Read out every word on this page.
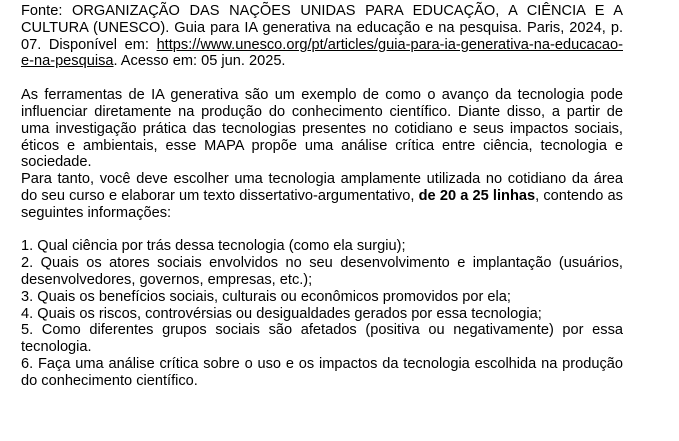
Fonte: ORGANIZAÇÃO DAS NAÇÕES UNIDAS PARA EDUCAÇÃO, A CIÊNCIA E A CULTURA (UNESCO). Guia para IA generativa na educação e na pesquisa. Paris, 2024, p. 07. Disponível em: https://www.unesco.org/pt/articles/guia-para-ia-generativa-na-educacao-e-na-pesquisa. Acesso em: 05 jun. 2025.

As ferramentas de IA generativa são um exemplo de como o avanço da tecnologia pode influenciar diretamente na produção do conhecimento científico. Diante disso, a partir de uma investigação prática das tecnologias presentes no cotidiano e seus impactos sociais, éticos e ambientais, esse MAPA propõe uma análise crítica entre ciência, tecnologia e sociedade.

Para tanto, você deve escolher uma tecnologia amplamente utilizada no cotidiano da área do seu curso e elaborar um texto dissertativo-argumentativo, de 20 a 25 linhas, contendo as seguintes informações:

1. Qual ciência por trás dessa tecnologia (como ela surgiu);
2. Quais os atores sociais envolvidos no seu desenvolvimento e implantação (usuários, desenvolvedores, governos, empresas, etc.);
3. Quais os benefícios sociais, culturais ou econômicos promovidos por ela;
4. Quais os riscos, controvérsias ou desigualdades gerados por essa tecnologia;
5. Como diferentes grupos sociais são afetados (positiva ou negativamente) por essa tecnologia.
6. Faça uma análise crítica sobre o uso e os impactos da tecnologia escolhida na produção do conhecimento científico.
